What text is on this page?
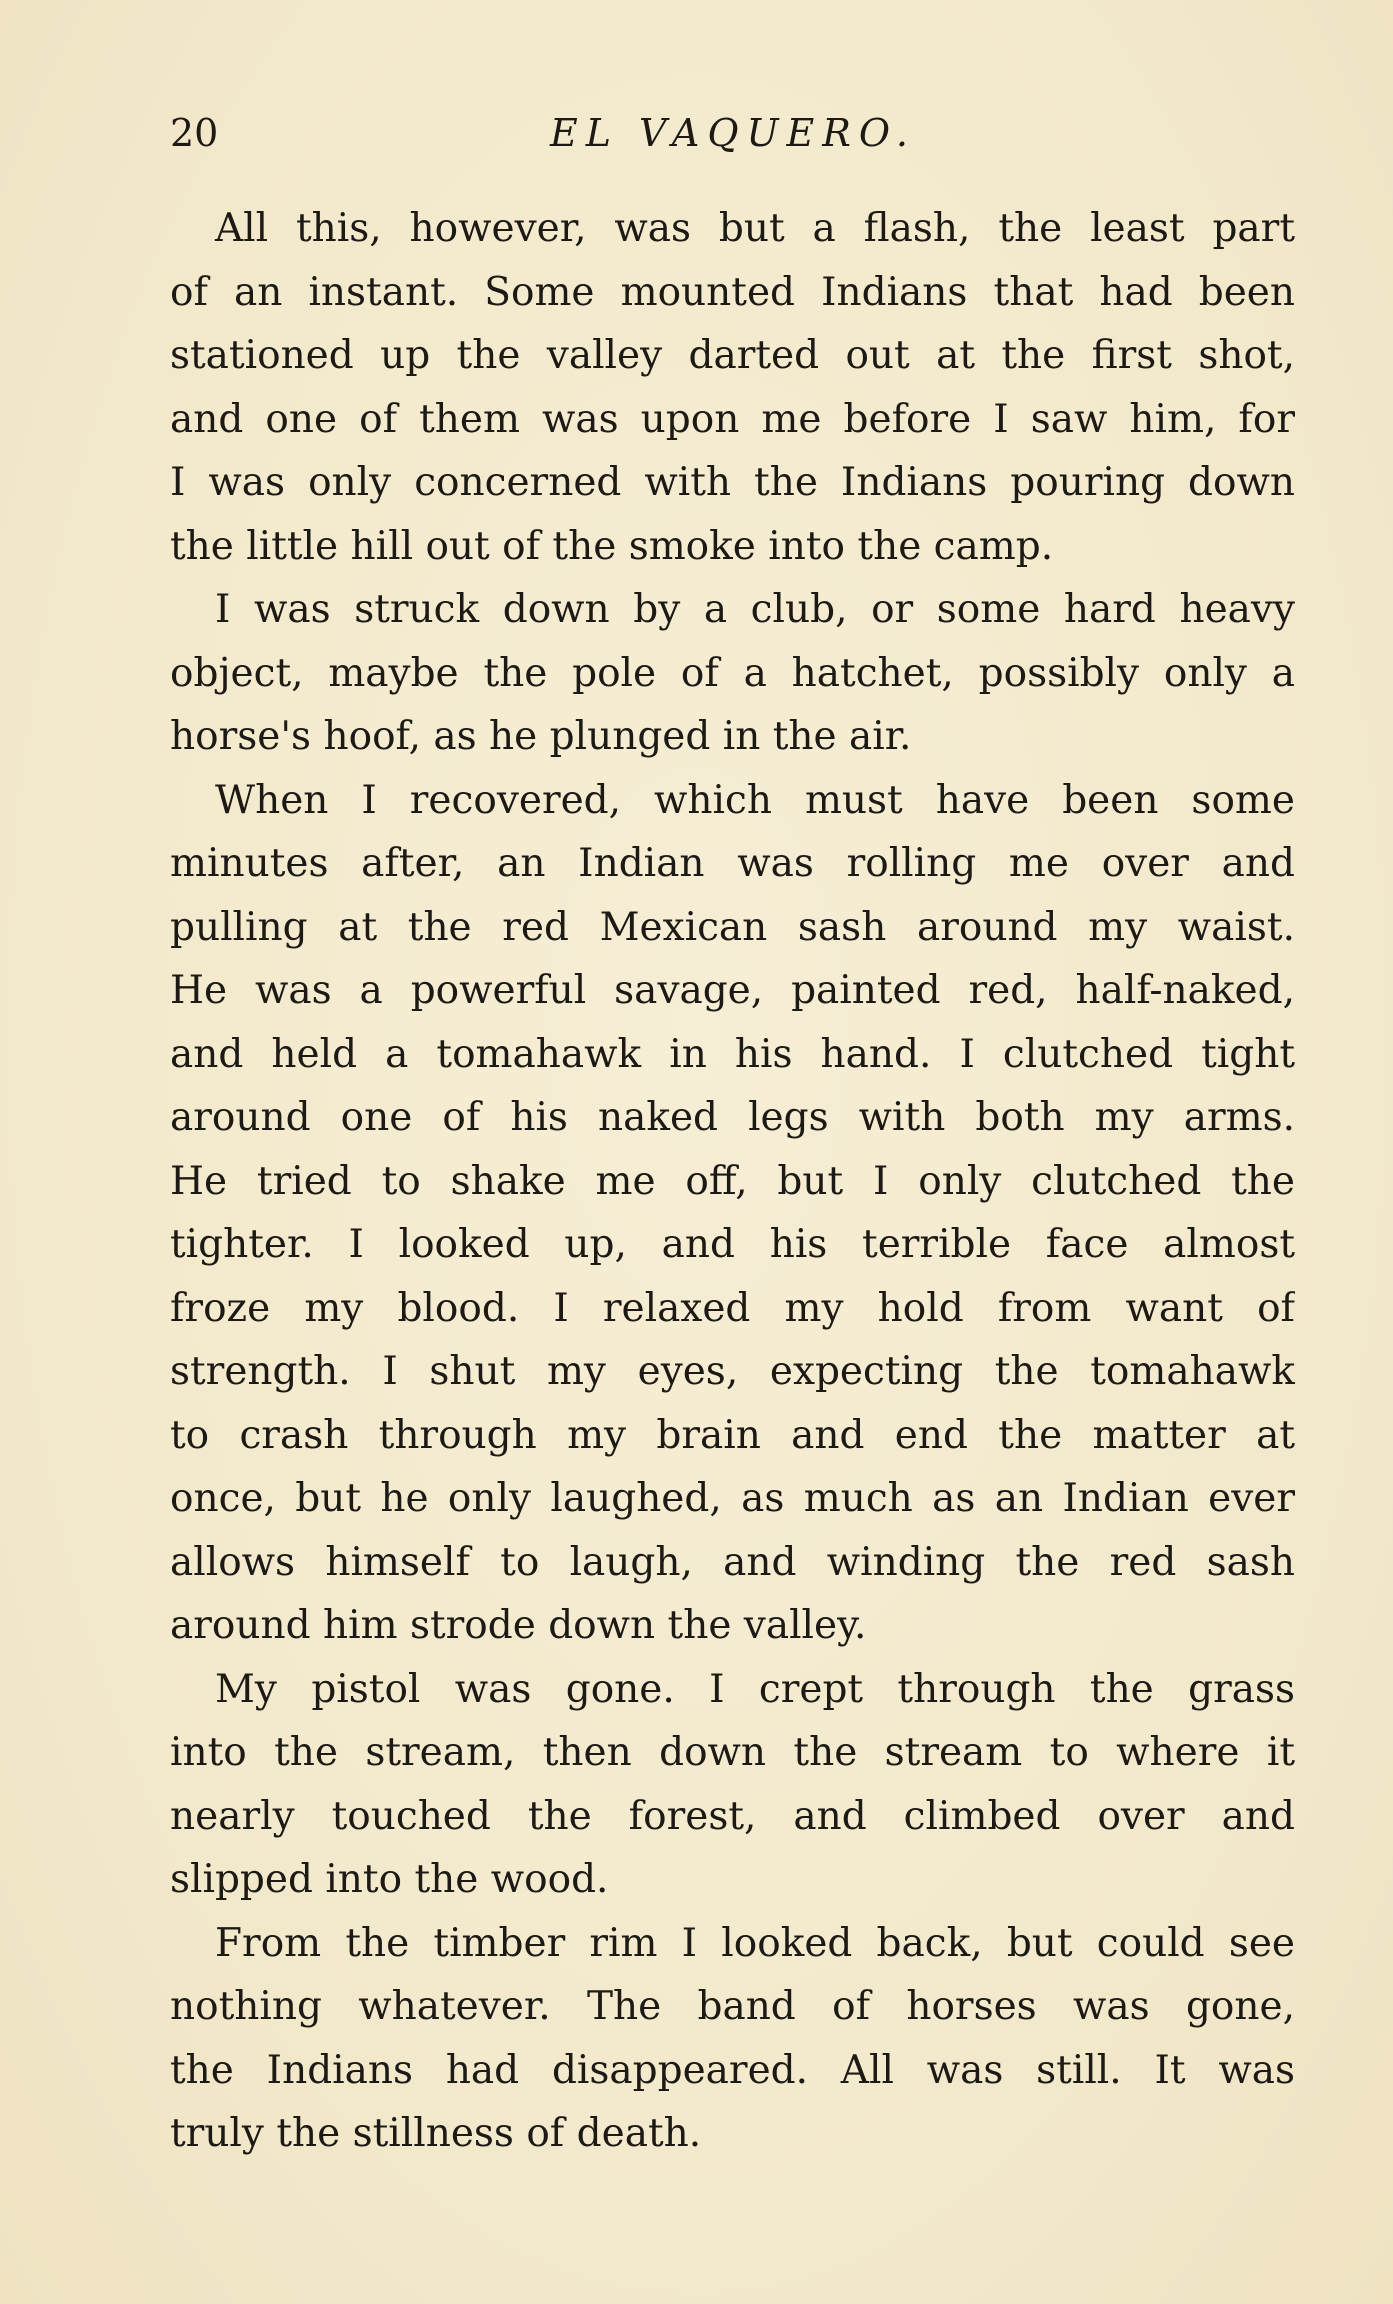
20	EL VAQUERO.
All this, however, was but a flash, the least part
of an instant. Some mounted Indians that had been
stationed up the valley darted out at the first shot,
and one of them was upon me before I saw him, for
I was only concerned with the Indians pouring down
the little hill out of the smoke into the camp.
I was struck down by a club, or some hard heavy
object, maybe the pole of a hatchet, possibly only a
horse's hoof, as he plunged in the air.
When I recovered, which must have been some
minutes after, an Indian was rolling me over and
pulling at the red Mexican sash around my waist.
He was a powerful savage, painted red, half-naked,
and held a tomahawk in his hand. I clutched tight
around one of his naked legs with both my arms.
He tried to shake me off, but I only clutched the
tighter. I looked up, and his terrible face almost
froze my blood. I relaxed my hold from want of
strength. I shut my eyes, expecting the tomahawk
to crash through my brain and end the matter at
once, but he only laughed, as much as an Indian ever
allows himself to laugh, and winding the red sash
around him strode down the valley.
My pistol was gone. I crept through the grass
into the stream, then down the stream to where it
nearly touched the forest, and climbed over and
slipped into the wood.
From the timber rim I looked back, but could see
nothing whatever. The band of horses was gone,
the Indians had disappeared. All was still. It was
truly the stillness of death.
